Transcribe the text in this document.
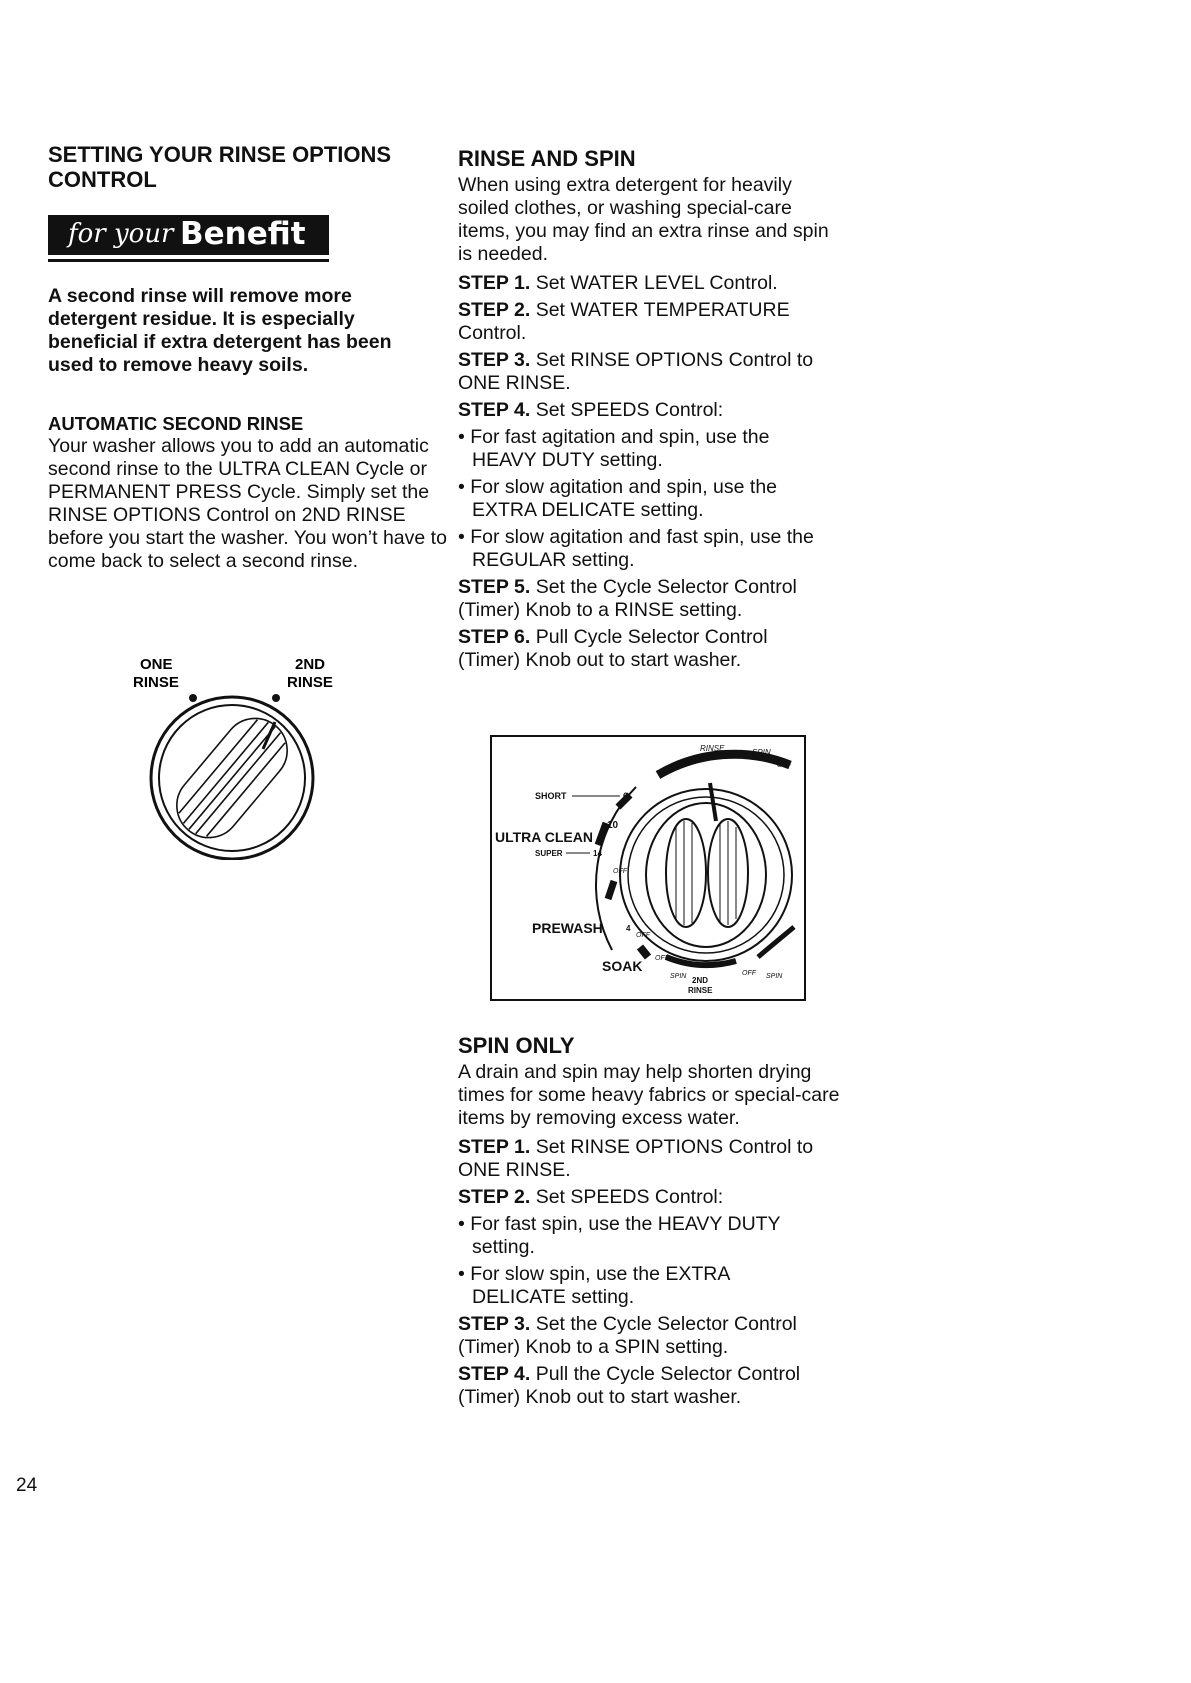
SETTING YOUR RINSE OPTIONS CONTROL
for your Benefit

A second rinse will remove more detergent residue. It is especially beneficial if extra detergent has been used to remove heavy soils.

AUTOMATIC SECOND RINSE

Your washer allows you to add an automatic second rinse to the ULTRA CLEAN Cycle or PERMANENT PRESS Cycle. Simply set the RINSE OPTIONS Control on 2ND RINSE before you start the washer. You won’t have to come back to select a second rinse.

ONE
RINSE
2ND
RINSE
RINSE AND SPIN

When using extra detergent for heavily soiled clothes, or washing special-care items, you may find an extra rinse and spin is needed.

STEP 1. Set WATER LEVEL Control.

STEP 2. Set WATER TEMPERATURE Control.

STEP 3. Set RINSE OPTIONS Control to ONE RINSE.

STEP 4. Set SPEEDS Control:

• For fast agitation and spin, use the HEAVY DUTY setting.

• For slow agitation and spin, use the EXTRA DELICATE setting.

• For slow agitation and fast spin, use the REGULAR setting.

STEP 5. Set the Cycle Selector Control (Timer) Knob to a RINSE setting.

STEP 6. Pull Cycle Selector Control (Timer) Knob out to start washer.

RINSE	SPIN
OFF
SHORT	6
10
ULTRA CLEAN
SUPER	14
OFF
PREWASH	4
OFF
SOAK OFF
SPIN 2ND
RINSE
OFF SPIN
SPIN ONLY

A drain and spin may help shorten drying times for some heavy fabrics or special-care items by removing excess water.

STEP 1. Set RINSE OPTIONS Control to ONE RINSE.

STEP 2. Set SPEEDS Control:

• For fast spin, use the HEAVY DUTY setting.

• For slow spin, use the EXTRA DELICATE setting.

STEP 3. Set the Cycle Selector Control (Timer) Knob to a SPIN setting.

STEP 4. Pull the Cycle Selector Control (Timer) Knob out to start washer.

24
